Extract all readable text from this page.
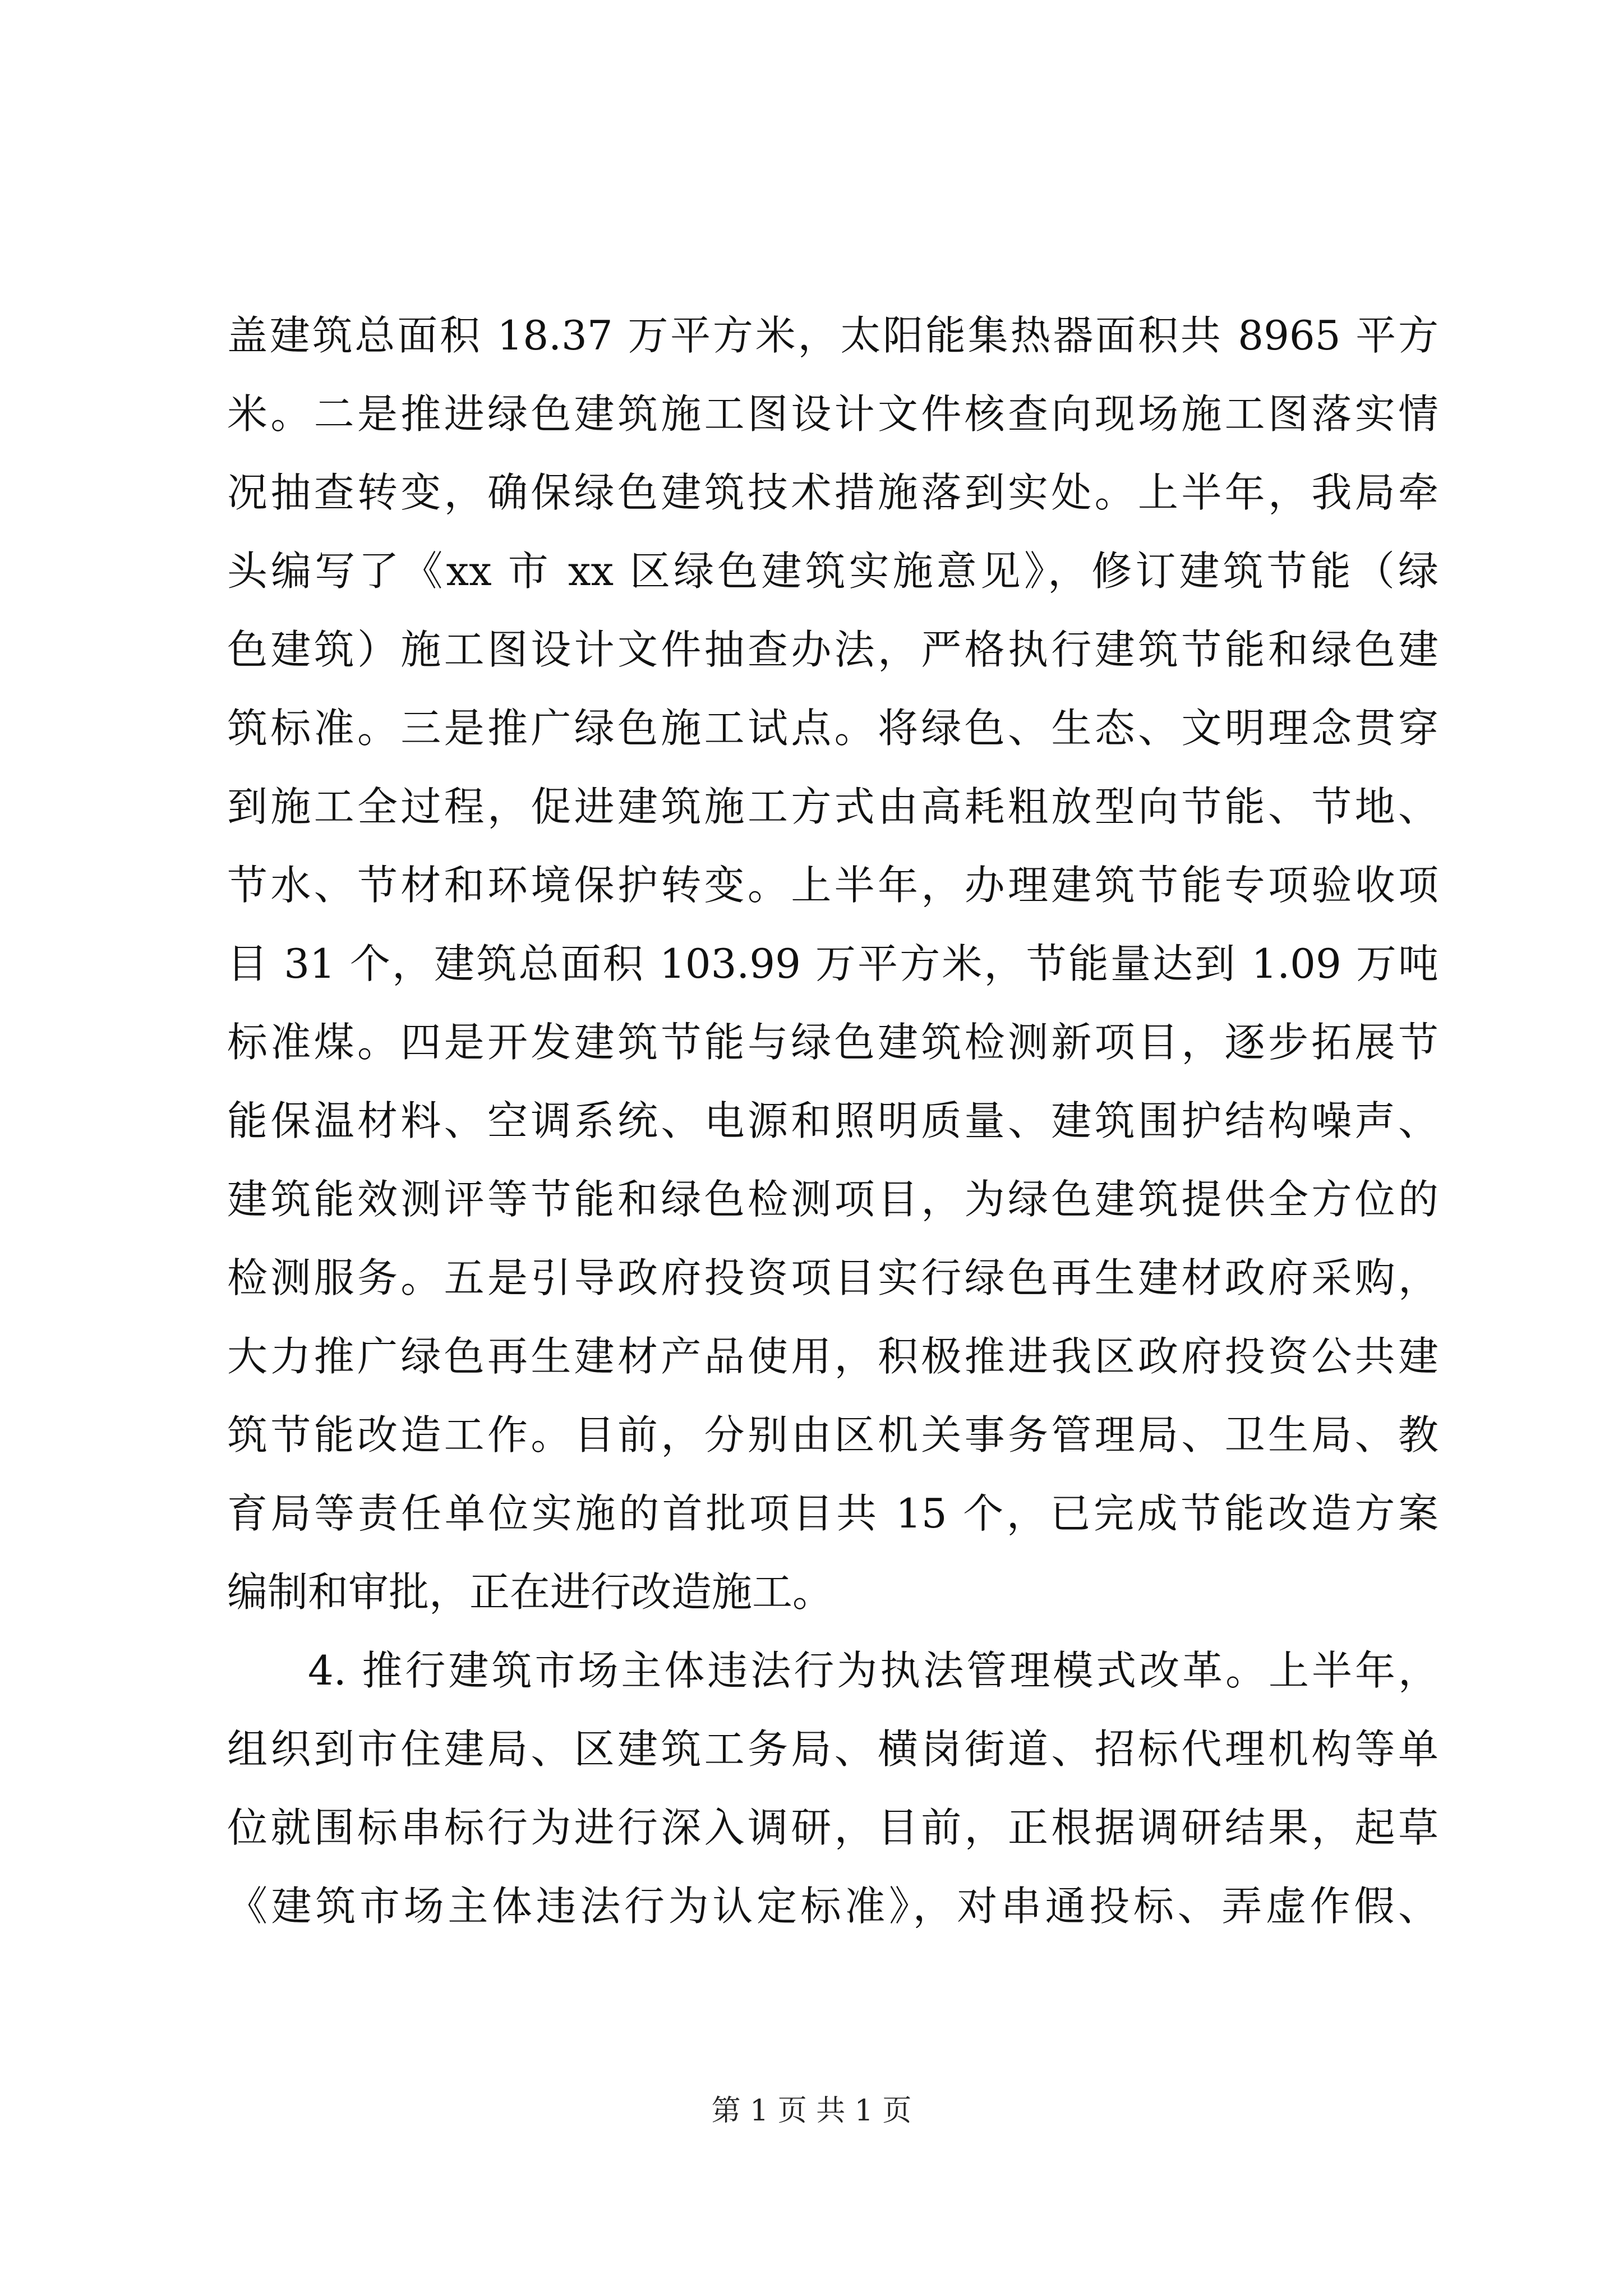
盖建筑总面积 18.37 万平方米，太阳能集热器面积共 8965 平方
米。二是推进绿色建筑施工图设计文件核查向现场施工图落实情
况抽查转变，确保绿色建筑技术措施落到实处。上半年，我局牵
头编写了《xx 市 xx 区绿色建筑实施意见》，修订建筑节能（绿
色建筑）施工图设计文件抽查办法，严格执行建筑节能和绿色建
筑标准。三是推广绿色施工试点。将绿色、生态、文明理念贯穿
到施工全过程，促进建筑施工方式由高耗粗放型向节能、节地、
节水、节材和环境保护转变。上半年，办理建筑节能专项验收项
目 31 个，建筑总面积 103.99 万平方米，节能量达到 1.09 万吨
标准煤。四是开发建筑节能与绿色建筑检测新项目，逐步拓展节
能保温材料、空调系统、电源和照明质量、建筑围护结构噪声、
建筑能效测评等节能和绿色检测项目，为绿色建筑提供全方位的
检测服务。五是引导政府投资项目实行绿色再生建材政府采购，
大力推广绿色再生建材产品使用，积极推进我区政府投资公共建
筑节能改造工作。目前，分别由区机关事务管理局、卫生局、教
育局等责任单位实施的首批项目共 15 个，已完成节能改造方案
编制和审批，正在进行改造施工。
4. 推行建筑市场主体违法行为执法管理模式改革。上半年，
组织到市住建局、区建筑工务局、横岗街道、招标代理机构等单
位就围标串标行为进行深入调研，目前，正根据调研结果，起草
《建筑市场主体违法行为认定标准》，对串通投标、弄虚作假、
第 1 页 共 1 页
